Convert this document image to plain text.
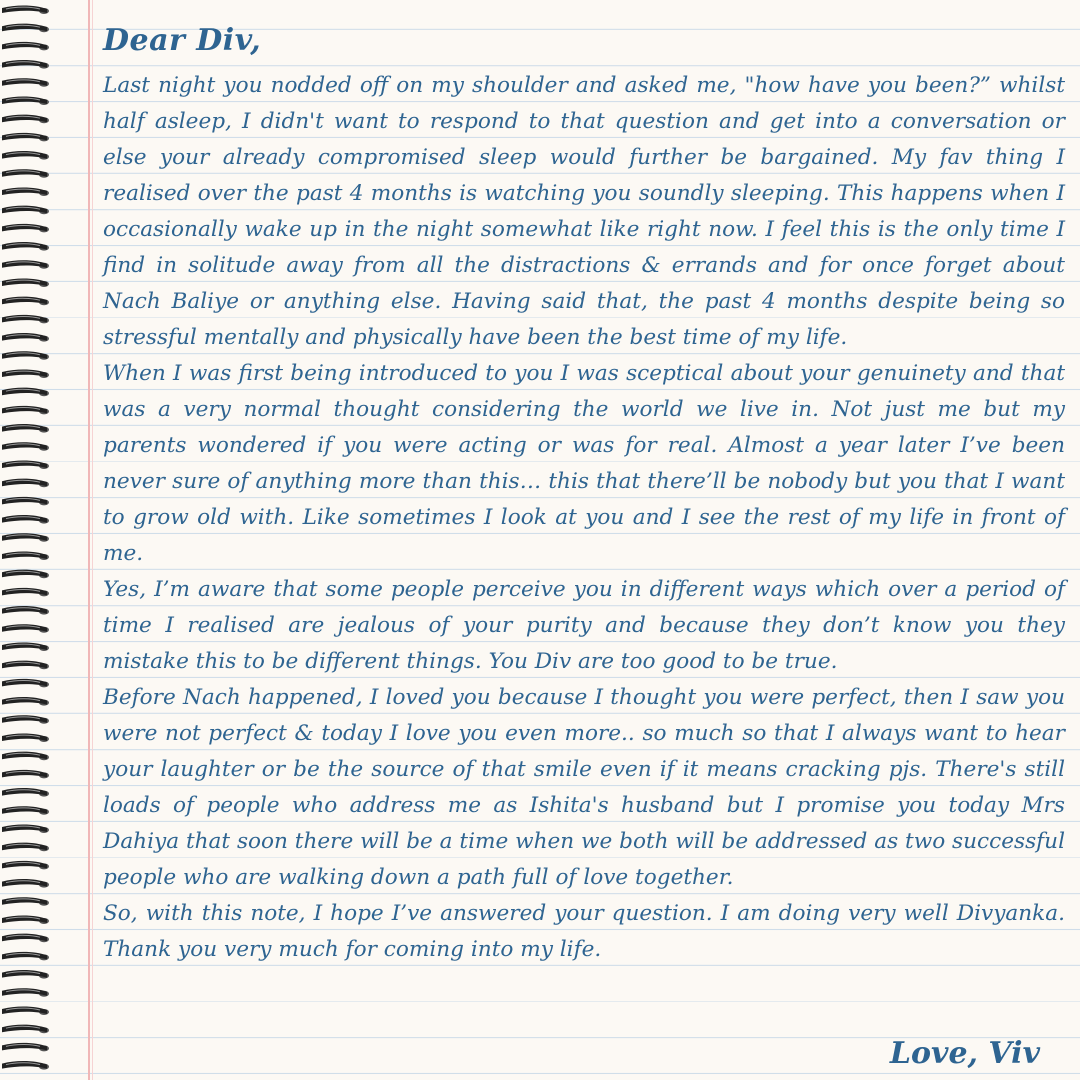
Dear Div,

Last night you nodded off on my shoulder and asked me, "how have you been?” whilst half asleep, I didn't want to respond to that question and get into a conversation or else your already compromised sleep would further be bargained. My fav thing I realised over the past 4 months is watching you soundly sleeping. This happens when I occasionally wake up in the night somewhat like right now. I feel this is the only time I find in solitude away from all the distractions & errands and for once forget about Nach Baliye or anything else. Having said that, the past 4 months despite being so stressful mentally and physically have been the best time of my life.

When I was first being introduced to you I was sceptical about your genuinety and that was a very normal thought considering the world we live in. Not just me but my parents wondered if you were acting or was for real. Almost a year later I’ve been never sure of anything more than this… this that there’ll be nobody but you that I want to grow old with. Like sometimes I look at you and I see the rest of my life in front of me.

Yes, I’m aware that some people perceive you in different ways which over a period of time I realised are jealous of your purity and because they don’t know you they mistake this to be different things. You Div are too good to be true.

Before Nach happened, I loved you because I thought you were perfect, then I saw you were not perfect & today I love you even more.. so much so that I always want to hear your laughter or be the source of that smile even if it means cracking pjs. There's still loads of people who address me as Ishita's husband but I promise you today Mrs Dahiya that soon there will be a time when we both will be addressed as two successful people who are walking down a path full of love together.

So, with this note, I hope I’ve answered your question. I am doing very well Divyanka. Thank you very much for coming into my life.

Love, Viv
